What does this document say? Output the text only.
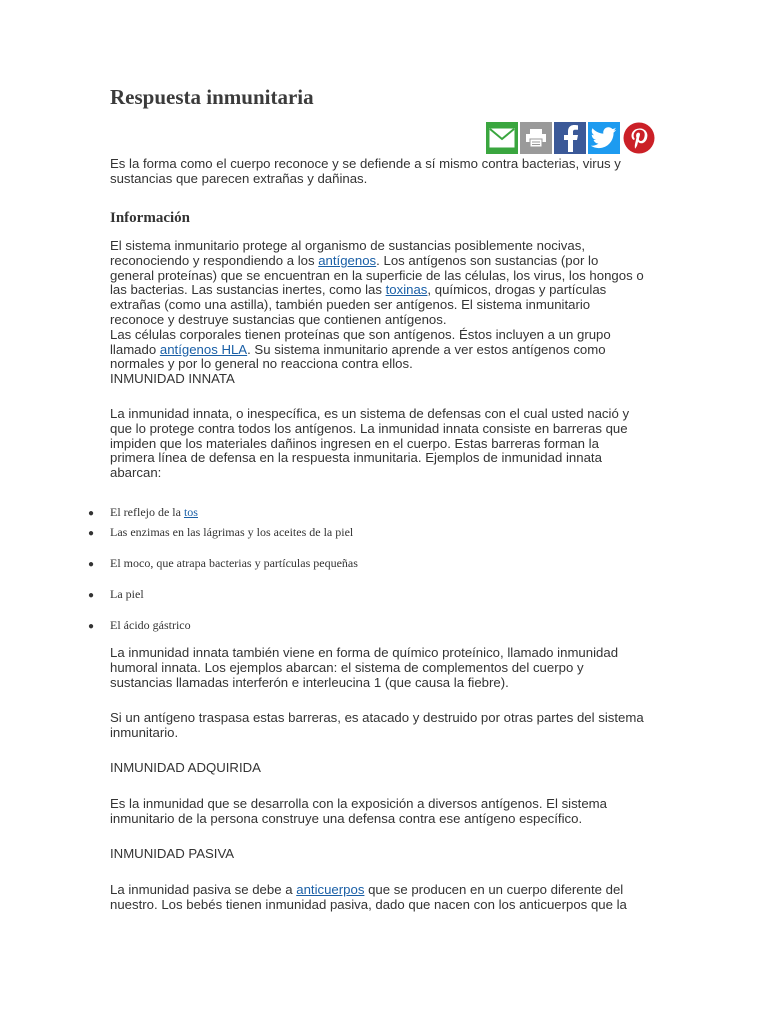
Respuesta inmunitaria
Es la forma como el cuerpo reconoce y se defiende a sí mismo contra bacterias, virus y
sustancias que parecen extrañas y dañinas.
Información
El sistema inmunitario protege al organismo de sustancias posiblemente nocivas,
reconociendo y respondiendo a los antígenos. Los antígenos son sustancias (por lo
general proteínas) que se encuentran en la superficie de las células, los virus, los hongos o
las bacterias. Las sustancias inertes, como las toxinas, químicos, drogas y partículas
extrañas (como una astilla), también pueden ser antígenos. El sistema inmunitario
reconoce y destruye sustancias que contienen antígenos.
Las células corporales tienen proteínas que son antígenos. Éstos incluyen a un grupo
llamado antígenos HLA. Su sistema inmunitario aprende a ver estos antígenos como
normales y por lo general no reacciona contra ellos.
INMUNIDAD INNATA
La inmunidad innata, o inespecífica, es un sistema de defensas con el cual usted nació y
que lo protege contra todos los antígenos. La inmunidad innata consiste en barreras que
impiden que los materiales dañinos ingresen en el cuerpo. Estas barreras forman la
primera línea de defensa en la respuesta inmunitaria. Ejemplos de inmunidad innata
abarcan:
● El reflejo de la tos
● Las enzimas en las lágrimas y los aceites de la piel
● El moco, que atrapa bacterias y partículas pequeñas
● La piel
● El ácido gástrico
La inmunidad innata también viene en forma de químico proteínico, llamado inmunidad
humoral innata. Los ejemplos abarcan: el sistema de complementos del cuerpo y
sustancias llamadas interferón e interleucina 1 (que causa la fiebre).
Si un antígeno traspasa estas barreras, es atacado y destruido por otras partes del sistema
inmunitario.
INMUNIDAD ADQUIRIDA
Es la inmunidad que se desarrolla con la exposición a diversos antígenos. El sistema
inmunitario de la persona construye una defensa contra ese antígeno específico.
INMUNIDAD PASIVA
La inmunidad pasiva se debe a anticuerpos que se producen en un cuerpo diferente del
nuestro. Los bebés tienen inmunidad pasiva, dado que nacen con los anticuerpos que la
